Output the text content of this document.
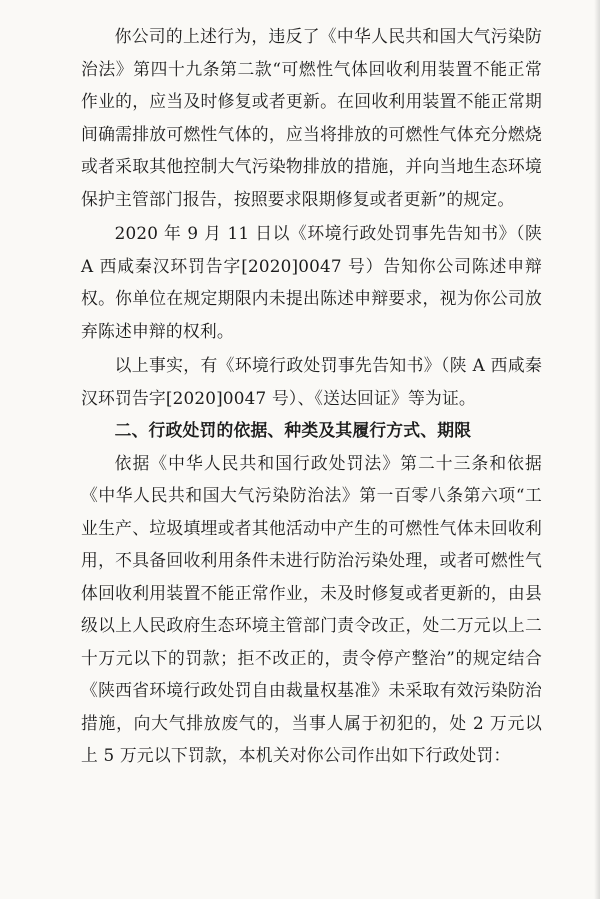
你公司的上述行为，违反了《中华人民共和国大气污染防治法》第四十九条第二款“可燃性气体回收利用装置不能正常作业的，应当及时修复或者更新。在回收利用装置不能正常期间确需排放可燃性气体的，应当将排放的可燃性气体充分燃烧或者采取其他控制大气污染物排放的措施，并向当地生态环境保护主管部门报告，按照要求限期修复或者更新”的规定。

2020 年 9 月 11 日以《环境行政处罚事先告知书》（陕 A 西咸秦汉环罚告字[2020]0047 号）告知你公司陈述申辩权。你单位在规定期限内未提出陈述申辩要求，视为你公司放弃陈述申辩的权利。

以上事实，有《环境行政处罚事先告知书》（陕 A 西咸秦汉环罚告字[2020]0047 号）、《送达回证》等为证。

二、行政处罚的依据、种类及其履行方式、期限

依据《中华人民共和国行政处罚法》第二十三条和依据《中华人民共和国大气污染防治法》第一百零八条第六项“工业生产、垃圾填埋或者其他活动中产生的可燃性气体未回收利用，不具备回收利用条件未进行防治污染处理，或者可燃性气体回收利用装置不能正常作业，未及时修复或者更新的，由县级以上人民政府生态环境主管部门责令改正，处二万元以上二十万元以下的罚款；拒不改正的，责令停产整治”的规定结合《陕西省环境行政处罚自由裁量权基准》未采取有效污染防治措施，向大气排放废气的，当事人属于初犯的，处 2 万元以上 5 万元以下罚款，本机关对你公司作出如下行政处罚：
